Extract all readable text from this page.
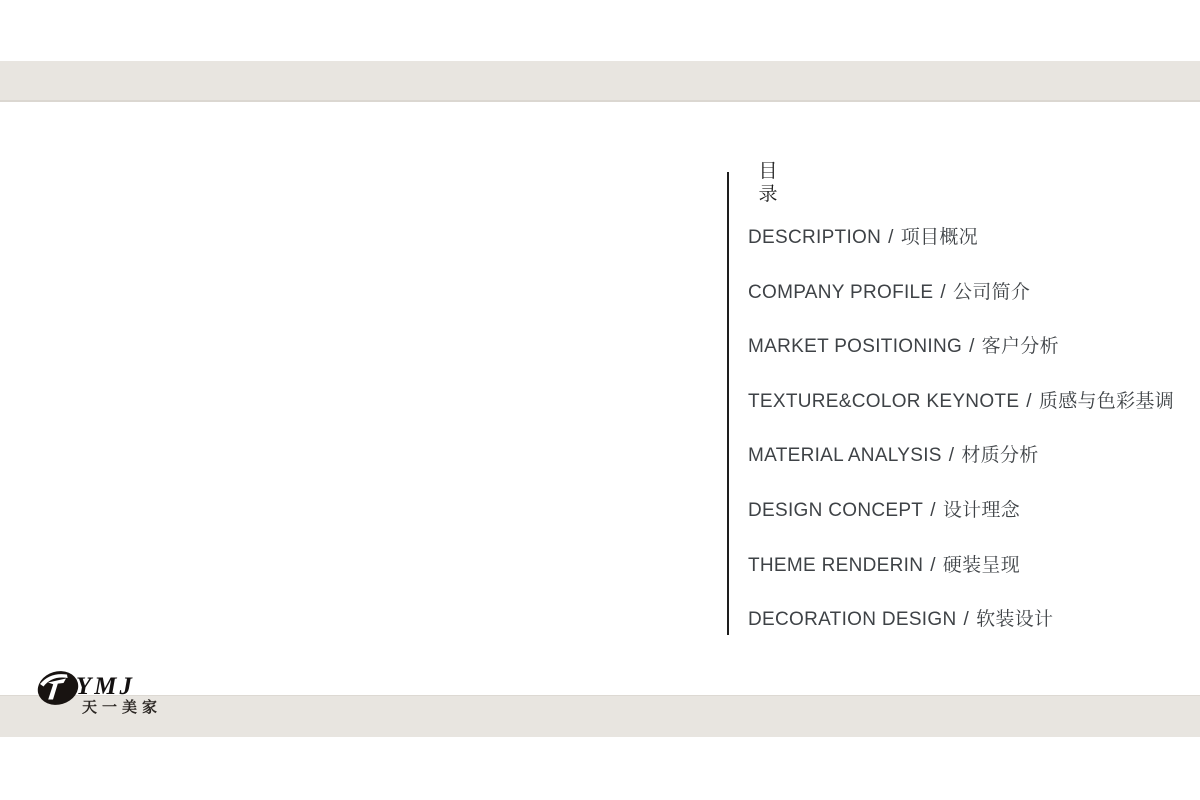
目
录
DESCRIPTION / 项目概况
COMPANY PROFILE / 公司简介
MARKET POSITIONING / 客户分析
TEXTURE&COLOR KEYNOTE / 质感与色彩基调
MATERIAL ANALYSIS / 材质分析
DESIGN CONCEPT / 设计理念
THEME RENDERIN / 硬装呈现
DECORATION DESIGN / 软装设计
YMJ
天一美家
